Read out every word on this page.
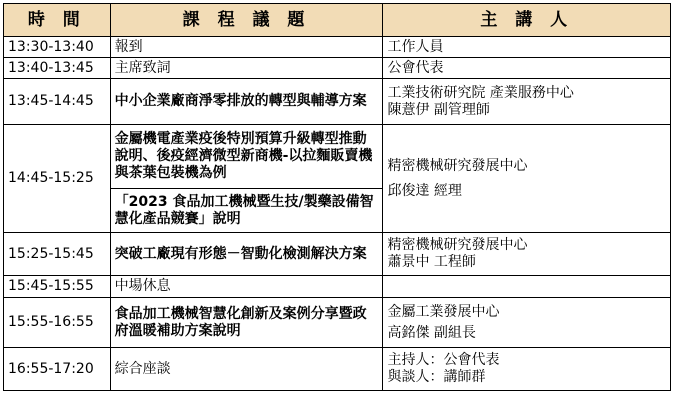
時 間	課 程 議 題	主 講 人
13:30-13:40	報到	工作人員

13:40-13:45	主席致詞	公會代表

13:45-14:45	中小企業廠商淨零排放的轉型與輔導方案	工業技術研究院 產業服務中心
陳薏伊 副管理師

14:45-15:25	金屬機電產業疫後特別預算升級轉型推動說明、後疫經濟微型新商機-以拉麵販賣機與茶葉包裝機為例	精密機械研究發展中心
邱俊達 經理

	「2023 食品加工機械暨生技/製藥設備智慧化產品競賽」說明	
15:25-15:45	突破工廠現有形態－智動化檢測解決方案	精密機械研究發展中心
蕭景中 工程師

15:45-15:55	中場休息	
15:55-16:55	食品加工機械智慧化創新及案例分享暨政府溫暖補助方案說明	金屬工業發展中心
高銘傑 副組長

16:55-17:20	綜合座談	主持人：公會代表
與談人：講師群
